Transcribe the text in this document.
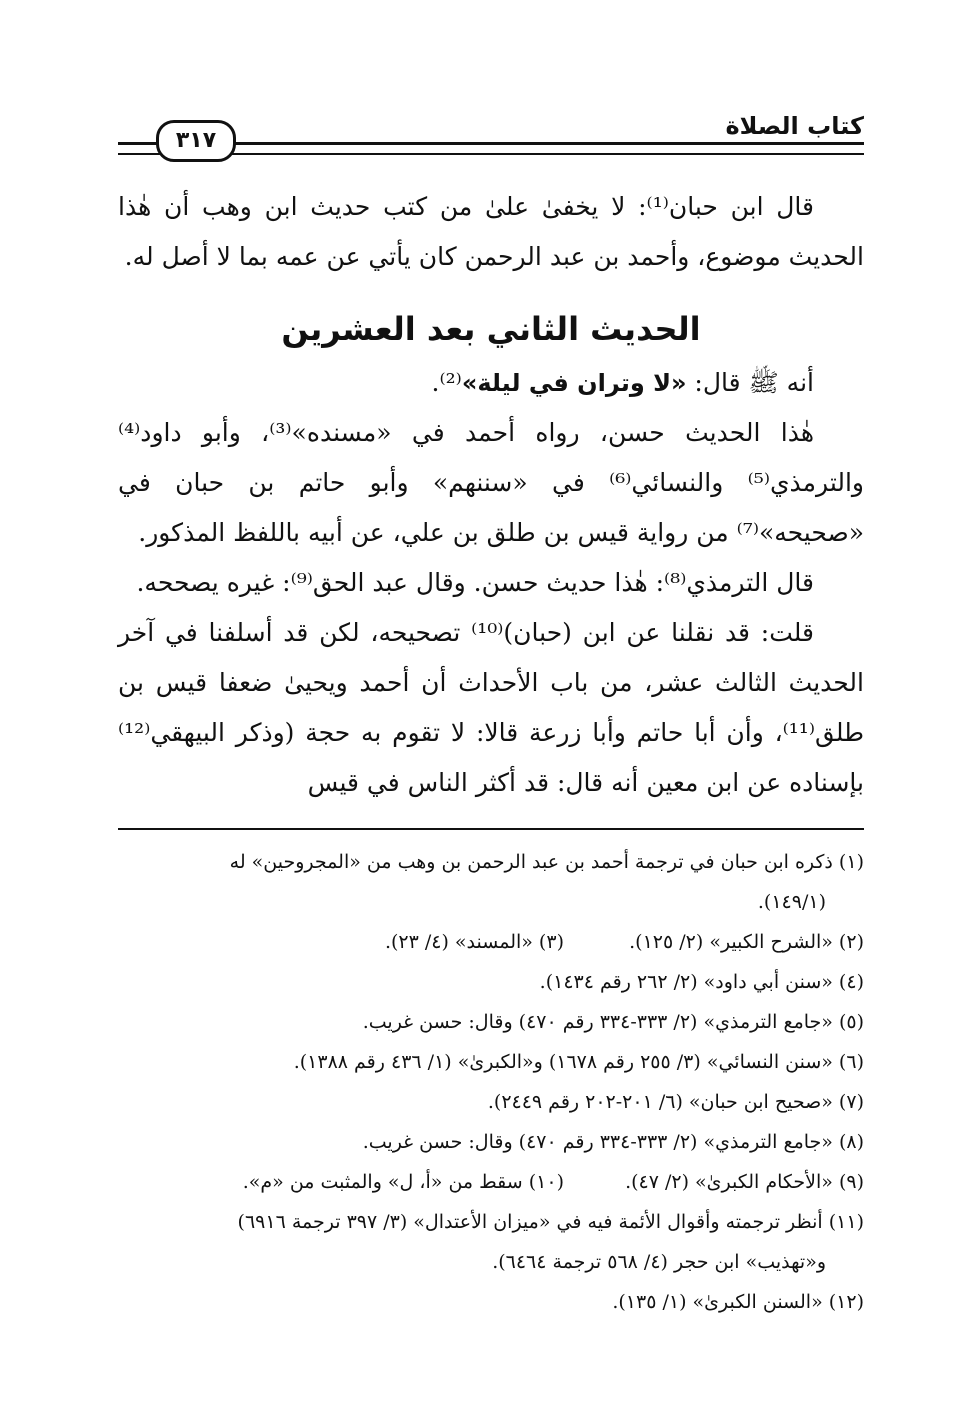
٣١٧
كتاب الصلاة

قال ابن حبان⁽¹⁾: لا يخفىٰ علىٰ من كتب حديث ابن وهب أن هٰذا الحديث موضوع، وأحمد بن عبد الرحمن كان يأتي عن عمه بما لا أصل له.

الحديث الثاني بعد العشرين

أنه ﷺ قال: «لا وتران في ليلة»⁽²⁾.

هٰذا الحديث حسن، رواه أحمد في «مسنده»⁽³⁾، وأبو داود⁽⁴⁾ والترمذي⁽⁵⁾ والنسائي⁽⁶⁾ في «سننهم» وأبو حاتم بن حبان في «صحيحه»⁽⁷⁾ من رواية قيس بن طلق بن علي، عن أبيه باللفظ المذكور.

قال الترمذي⁽⁸⁾: هٰذا حديث حسن. وقال عبد الحق⁽⁹⁾: غيره يصححه.

قلت: قد نقلنا عن ابن (حبان)⁽¹⁰⁾ تصحيحه، لكن قد أسلفنا في آخر الحديث الثالث عشر، من باب الأحداث أن أحمد ويحيىٰ ضعفا قيس بن طلق⁽¹¹⁾، وأن أبا حاتم وأبا زرعة قالا: لا تقوم به حجة (وذكر البيهقي⁽¹²⁾ بإسناده عن ابن معين أنه قال: قد أكثر الناس في قيس

(١) ذكره ابن حبان في ترجمة أحمد بن عبد الرحمن بن وهب من «المجروحين» له

(١٤٩/١).

(٢) «الشرح الكبير» (٢/ ١٢٥).

(٣) «المسند» (٤/ ٢٣).

(٤) «سنن أبي داود» (٢/ ٢٦٢ رقم ١٤٣٤).

(٥) «جامع الترمذي» (٢/ ٣٣٣-٣٣٤ رقم ٤٧٠) وقال: حسن غريب.

(٦) «سنن النسائي» (٣/ ٢٥٥ رقم ١٦٧٨) و«الكبرىٰ» (١/ ٤٣٦ رقم ١٣٨٨).

(٧) «صحيح ابن حبان» (٦/ ٢٠١-٢٠٢ رقم ٢٤٤٩).

(٨) «جامع الترمذي» (٢/ ٣٣٣-٣٣٤ رقم ٤٧٠) وقال: حسن غريب.

(٩) «الأحكام الكبرىٰ» (٢/ ٤٧).

(١٠) سقط من «أ، ل» والمثبت من «م».

(١١) أنظر ترجمته وأقوال الأئمة فيه في «ميزان الأعتدال» (٣/ ٣٩٧ ترجمة ٦٩١٦)

و«تهذيب» ابن حجر (٤/ ٥٦٨ ترجمة ٦٤٦٤).

(١٢) «السنن الكبرىٰ» (١/ ١٣٥).
